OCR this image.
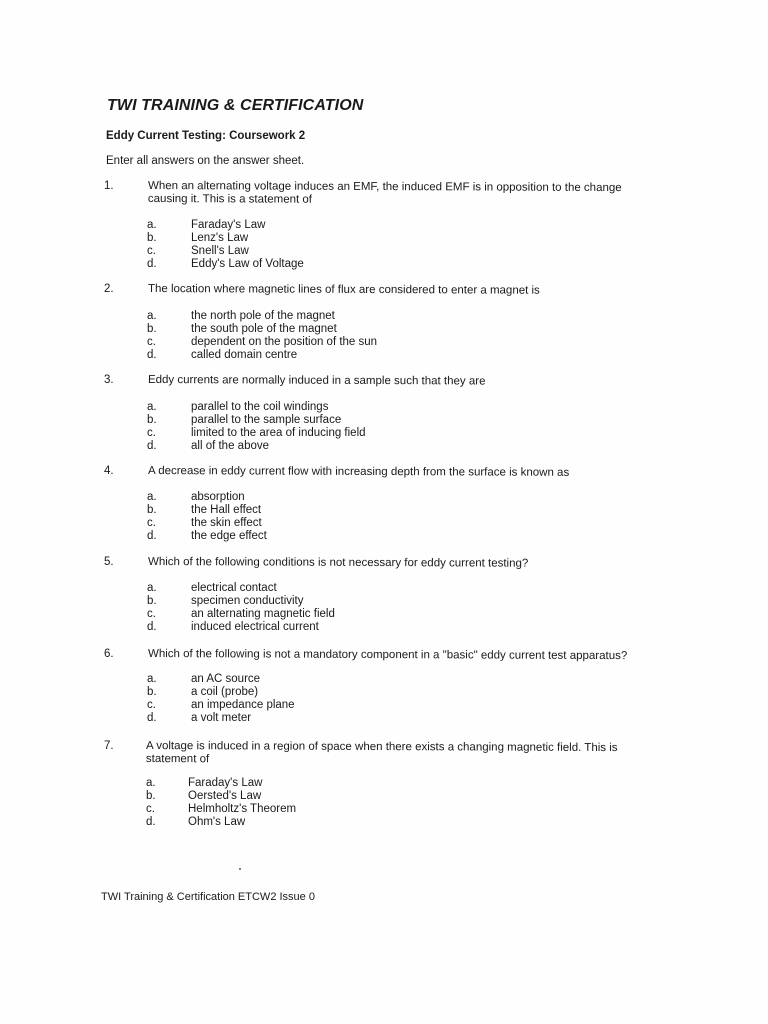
TWI TRAINING & CERTIFICATION
Eddy Current Testing: Coursework 2

Enter all answers on the answer sheet.

1.	When an alternating voltage induces an EMF, the induced EMF is in opposition to the change causing it. This is a statement of

a.	Faraday's Law
b.	Lenz's Law
c.	Snell's Law
d.	Eddy's Law of Voltage
2.	The location where magnetic lines of flux are considered to enter a magnet is

a.	the north pole of the magnet
b.	the south pole of the magnet
c.	dependent on the position of the sun
d.	called domain centre
3.	Eddy currents are normally induced in a sample such that they are

a.	parallel to the coil windings
b.	parallel to the sample surface
c.	limited to the area of inducing field
d.	all of the above
4.	A decrease in eddy current flow with increasing depth from the surface is known as

a.	absorption
b.	the Hall effect
c.	the skin effect
d.	the edge effect
5.	Which of the following conditions is not necessary for eddy current testing?

a.	electrical contact
b.	specimen conductivity
c.	an alternating magnetic field
d.	induced electrical current
6.	Which of the following is not a mandatory component in a "basic" eddy current test apparatus?

a.	an AC source
b.	a coil (probe)
c.	an impedance plane
d.	a volt meter
7.	A voltage is induced in a region of space when there exists a changing magnetic field. This is statement of

a.	Faraday's Law
b.	Oersted's Law
c.	Helmholtz's Theorem
d.	Ohm's Law

TWI Training & Certification ETCW2 Issue 0
